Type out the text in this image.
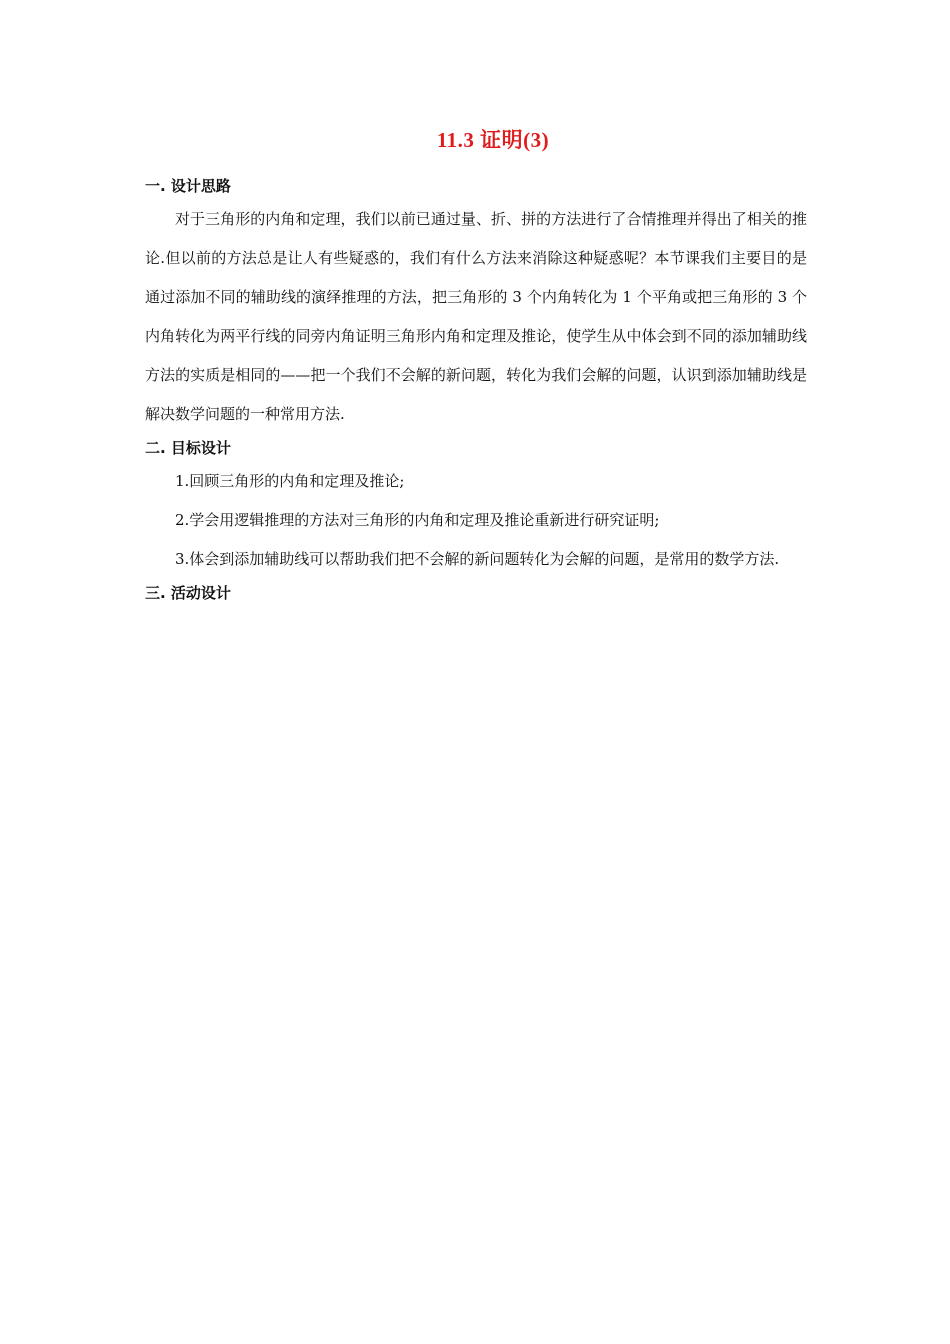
11.3 证明(3)

一. 设计思路

对于三角形的内角和定理，我们以前已通过量、折、拼的方法进行了合情推理并得出了相关的推论.但以前的方法总是让人有些疑惑的，我们有什么方法来消除这种疑惑呢？本节课我们主要目的是通过添加不同的辅助线的演绎推理的方法，把三角形的 3 个内角转化为 1 个平角或把三角形的 3 个内角转化为两平行线的同旁内角证明三角形内角和定理及推论，使学生从中体会到不同的添加辅助线方法的实质是相同的——把一个我们不会解的新问题，转化为我们会解的问题，认识到添加辅助线是解决数学问题的一种常用方法.

二. 目标设计

1.回顾三角形的内角和定理及推论;

2.学会用逻辑推理的方法对三角形的内角和定理及推论重新进行研究证明;

3.体会到添加辅助线可以帮助我们把不会解的新问题转化为会解的问题，是常用的数学方法.

三. 活动设计
